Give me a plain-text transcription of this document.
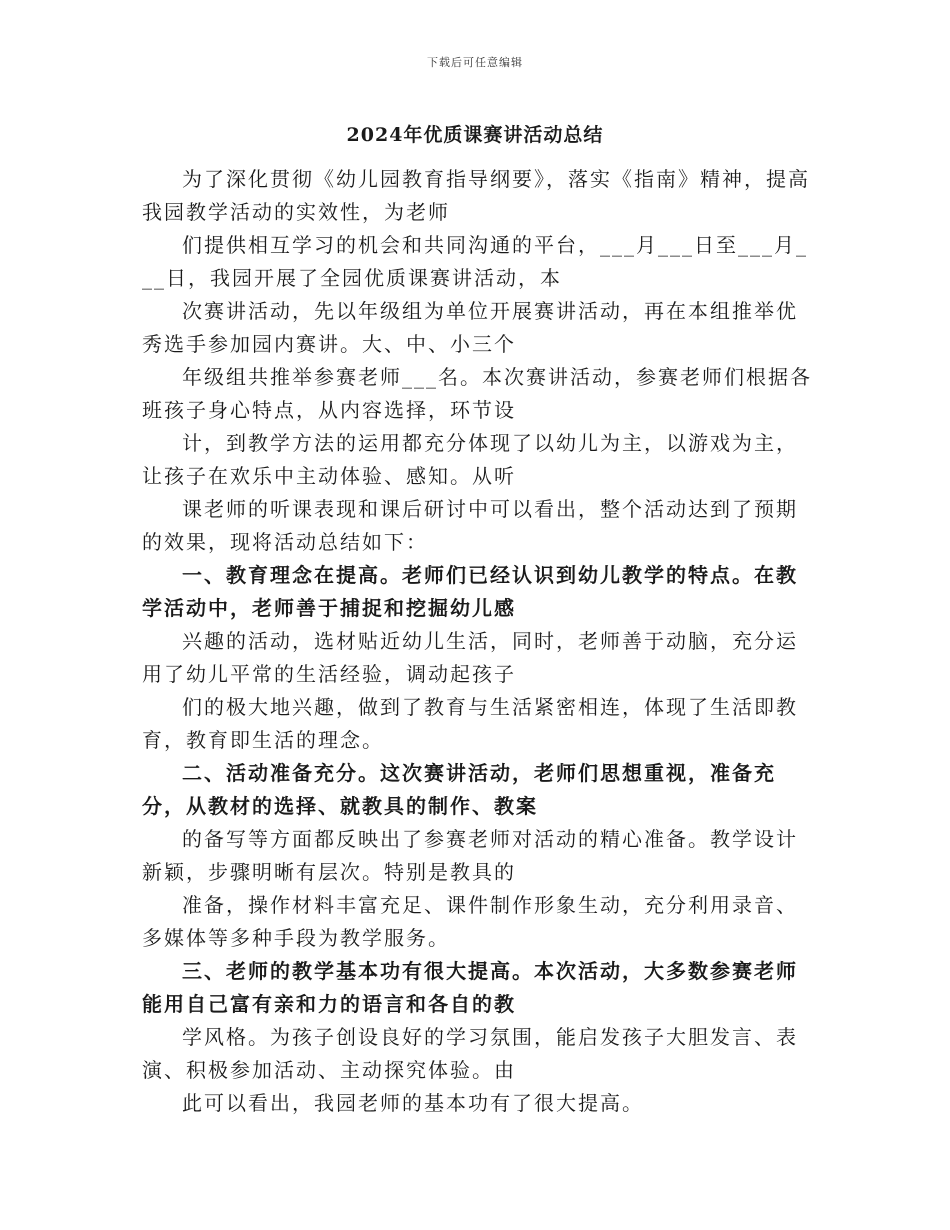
下载后可任意编辑
2024年优质课赛讲活动总结

为了深化贯彻《幼儿园教育指导纲要》，落实《指南》精神，提高我园教学活动的实效性，为老师

们提供相互学习的机会和共同沟通的平台，___月___日至___月___日，我园开展了全园优质课赛讲活动，本

次赛讲活动，先以年级组为单位开展赛讲活动，再在本组推举优秀选手参加园内赛讲。大、中、小三个

年级组共推举参赛老师___名。本次赛讲活动，参赛老师们根据各班孩子身心特点，从内容选择，环节设

计，到教学方法的运用都充分体现了以幼儿为主，以游戏为主，让孩子在欢乐中主动体验、感知。从听

课老师的听课表现和课后研讨中可以看出，整个活动达到了预期的效果，现将活动总结如下：

一、教育理念在提高。老师们已经认识到幼儿教学的特点。在教学活动中，老师善于捕捉和挖掘幼儿感

兴趣的活动，选材贴近幼儿生活，同时，老师善于动脑，充分运用了幼儿平常的生活经验，调动起孩子

们的极大地兴趣，做到了教育与生活紧密相连，体现了生活即教育，教育即生活的理念。

二、活动准备充分。这次赛讲活动，老师们思想重视，准备充分，从教材的选择、就教具的制作、教案

的备写等方面都反映出了参赛老师对活动的精心准备。教学设计新颖，步骤明晰有层次。特别是教具的

准备，操作材料丰富充足、课件制作形象生动，充分利用录音、多媒体等多种手段为教学服务。

三、老师的教学基本功有很大提高。本次活动，大多数参赛老师能用自己富有亲和力的语言和各自的教

学风格。为孩子创设良好的学习氛围，能启发孩子大胆发言、表演、积极参加活动、主动探究体验。由

此可以看出，我园老师的基本功有了很大提高。
